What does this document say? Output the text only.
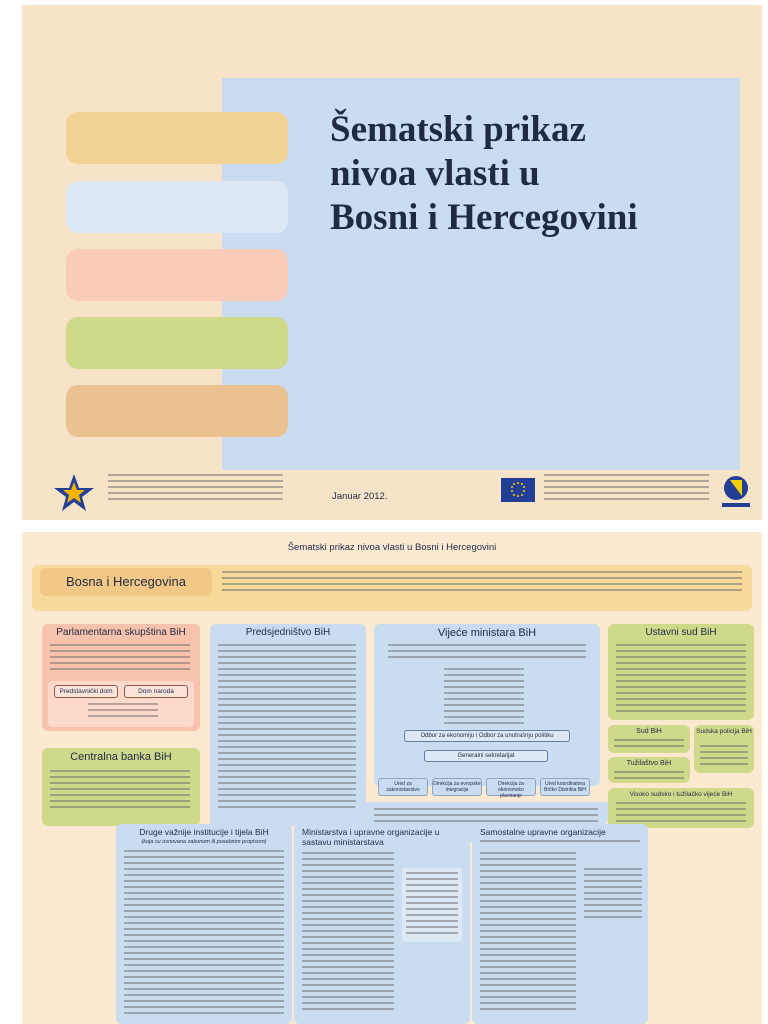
Šematski prikaz
nivoa vlasti u
Bosni i Hercegovini
Januar 2012.
Šematski prikaz nivoa vlasti u Bosni i Hercegovini
Bosna i Hercegovina
Parlamentarna skupština BiH
Predstavnički dom	Dom naroda
Centralna banka BiH
Predsjedništvo BiH	Vijeće ministara BiH
Odbor za ekonomiju i Odbor za unutrašnju politiku
Generalni sekretarijat
Ured za zakonodavstvo
Direkcija za evropske integracije
Direkcija za ekonomsko planiranje
Ured koordinatora Brčko Distrikta BiH
Ustavni sud BiH
Sud BiH	Sudska policija BiH
Tužilaštvo BiH
Visoko sudsko i tužilačko vijeće BiH
Druge važnije institucije i tijela BiH
(koja su osnovana zakonom ili posebnim propisom)
Ministarstva i upravne organizacije u sastavu ministarstava
Samostalne upravne organizacije
